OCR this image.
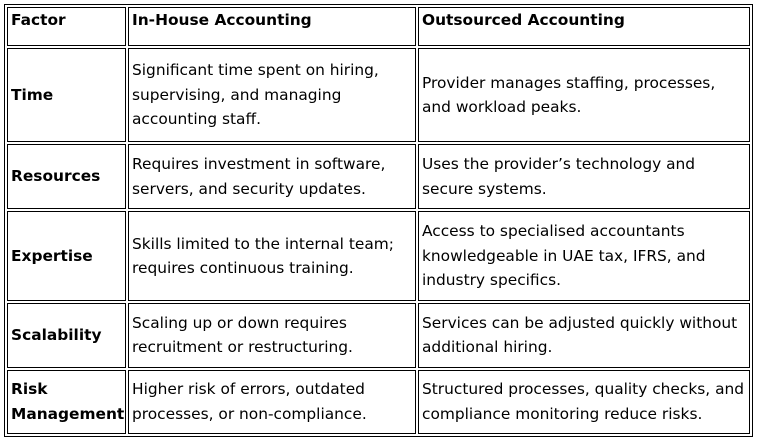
Factor	In-House Accounting	Outsourced Accounting
Time	Significant time spent on hiring, supervising, and managing accounting staff.	Provider manages staffing, processes, and workload peaks.
Resources	Requires investment in software, servers, and security updates.	Uses the provider’s technology and secure systems.
Expertise	Skills limited to the internal team; requires continuous training.	Access to specialised accountants knowledgeable in UAE tax, IFRS, and industry specifics.
Scalability	Scaling up or down requires recruitment or restructuring.	Services can be adjusted quickly without additional hiring.
Risk Management	Higher risk of errors, outdated processes, or non-compliance.	Structured processes, quality checks, and compliance monitoring reduce risks.
